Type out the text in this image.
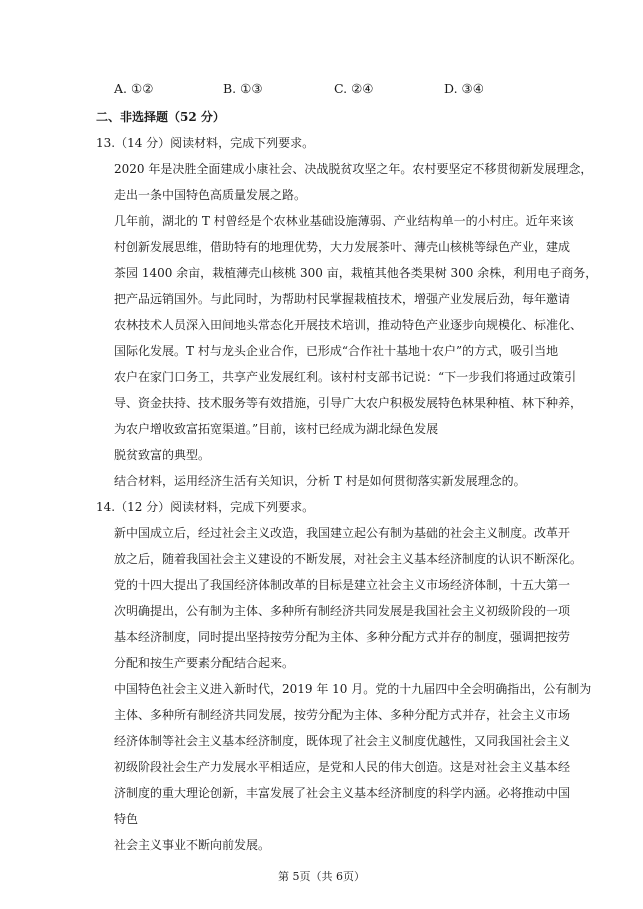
A. ①②	B. ①③	C. ②④	D. ③④
二、非选择题（52 分）
13.（14 分）阅读材料，完成下列要求。
2020 年是决胜全面建成小康社会、决战脱贫攻坚之年。农村要坚定不移贯彻新发展理念，
走出一条中国特色高质量发展之路。
几年前，湖北的 T 村曾经是个农林业基础设施薄弱、产业结构单一的小村庄。近年来该
村创新发展思维，借助特有的地理优势，大力发展茶叶、薄壳山核桃等绿色产业，建成
茶园 1400 余亩，栽植薄壳山核桃 300 亩，栽植其他各类果树 300 余株，利用电子商务，
把产品远销国外。与此同时，为帮助村民掌握栽植技术，增强产业发展后劲，每年邀请
农林技术人员深入田间地头常态化开展技术培训，推动特色产业逐步向规模化、标准化、
国际化发展。T 村与龙头企业合作，已形成“合作社十基地十农户”的方式，吸引当地
农户在家门口务工，共享产业发展红利。该村村支部书记说：“下一步我们将通过政策引
导、资金扶持、技术服务等有效措施，引导广大农户积极发展特色林果种植、林下种养，
为农户增收致富拓宽渠道。”目前，该村已经成为湖北绿色发展
脱贫致富的典型。
结合材料，运用经济生活有关知识，分析 T 村是如何贯彻落实新发展理念的。
14.（12 分）阅读材料，完成下列要求。
新中国成立后，经过社会主义改造，我国建立起公有制为基础的社会主义制度。改革开
放之后，随着我国社会主义建设的不断发展，对社会主义基本经济制度的认识不断深化。
党的十四大提出了我国经济体制改革的目标是建立社会主义市场经济体制，十五大第一
次明确提出，公有制为主体、多种所有制经济共同发展是我国社会主义初级阶段的一项
基本经济制度，同时提出坚持按劳分配为主体、多种分配方式并存的制度，强调把按劳
分配和按生产要素分配结合起来。
中国特色社会主义进入新时代，2019 年 10 月。党的十九届四中全会明确指出，公有制为
主体、多种所有制经济共同发展，按劳分配为主体、多种分配方式并存，社会主义市场
经济体制等社会主义基本经济制度，既体现了社会主义制度优越性，又同我国社会主义
初级阶段社会生产力发展水平相适应，是党和人民的伟大创造。这是对社会主义基本经
济制度的重大理论创新，丰富发展了社会主义基本经济制度的科学内涵。必将推动中国
特色
社会主义事业不断向前发展。
第 5页（共 6页）
